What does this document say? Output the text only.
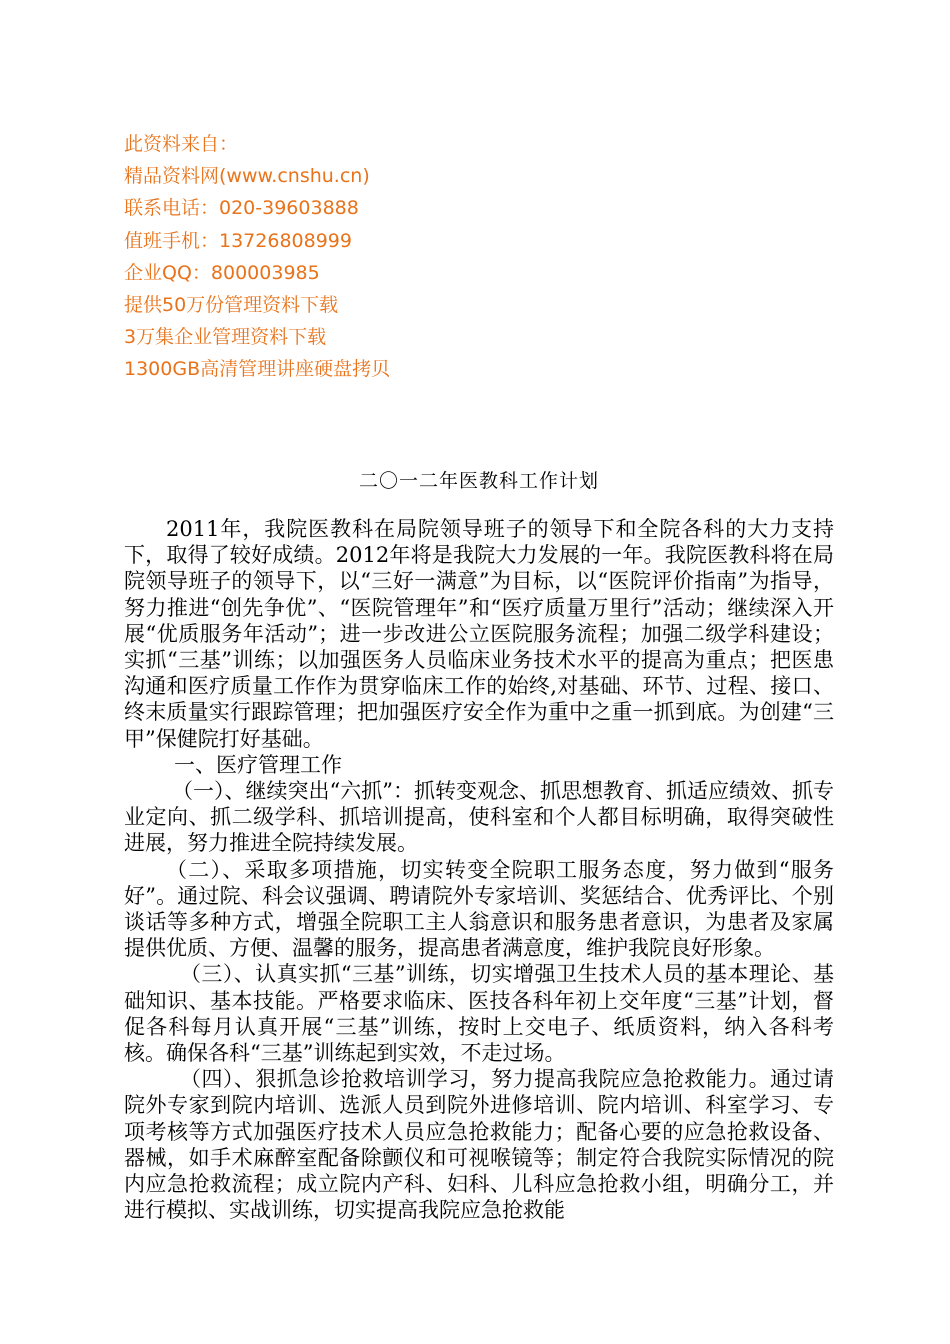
此资料来自：
精品资料网(www.cnshu.cn)
联系电话：020-39603888
值班手机：13726808999
企业QQ：800003985
提供50万份管理资料下载
3万集企业管理资料下载
1300GB高清管理讲座硬盘拷贝
二〇一二年医教科工作计划

2011年，我院医教科在局院领导班子的领导下和全院各科的大力支持下，取得了较好成绩。2012年将是我院大力发展的一年。我院医教科将在局院领导班子的领导下，以“三好一满意”为目标，以“医院评价指南”为指导，努力推进“创先争优”、“医院管理年”和“医疗质量万里行”活动；继续深入开展“优质服务年活动”；进一步改进公立医院服务流程；加强二级学科建设；实抓“三基”训练；以加强医务人员临床业务技术水平的提高为重点；把医患沟通和医疗质量工作作为贯穿临床工作的始终,对基础、环节、过程、接口、终末质量实行跟踪管理；把加强医疗安全作为重中之重一抓到底。为创建“三甲”保健院打好基础。

一、医疗管理工作

（一）、继续突出“六抓”：抓转变观念、抓思想教育、抓适应绩效、抓专业定向、抓二级学科、抓培训提高，使科室和个人都目标明确，取得突破性进展，努力推进全院持续发展。

（二）、采取多项措施，切实转变全院职工服务态度，努力做到“服务好”。通过院、科会议强调、聘请院外专家培训、奖惩结合、优秀评比、个别谈话等多种方式，增强全院职工主人翁意识和服务患者意识，为患者及家属提供优质、方便、温馨的服务，提高患者满意度，维护我院良好形象。

（三）、认真实抓“三基”训练，切实增强卫生技术人员的基本理论、基础知识、基本技能。严格要求临床、医技各科年初上交年度“三基”计划，督促各科每月认真开展“三基”训练，按时上交电子、纸质资料，纳入各科考核。确保各科“三基”训练起到实效，不走过场。

（四）、狠抓急诊抢救培训学习，努力提高我院应急抢救能力。通过请院外专家到院内培训、选派人员到院外进修培训、院内培训、科室学习、专项考核等方式加强医疗技术人员应急抢救能力；配备心要的应急抢救设备、器械，如手术麻醉室配备除颤仪和可视喉镜等；制定符合我院实际情况的院内应急抢救流程；成立院内产科、妇科、儿科应急抢救小组，明确分工，并进行模拟、实战训练，切实提高我院应急抢救能
